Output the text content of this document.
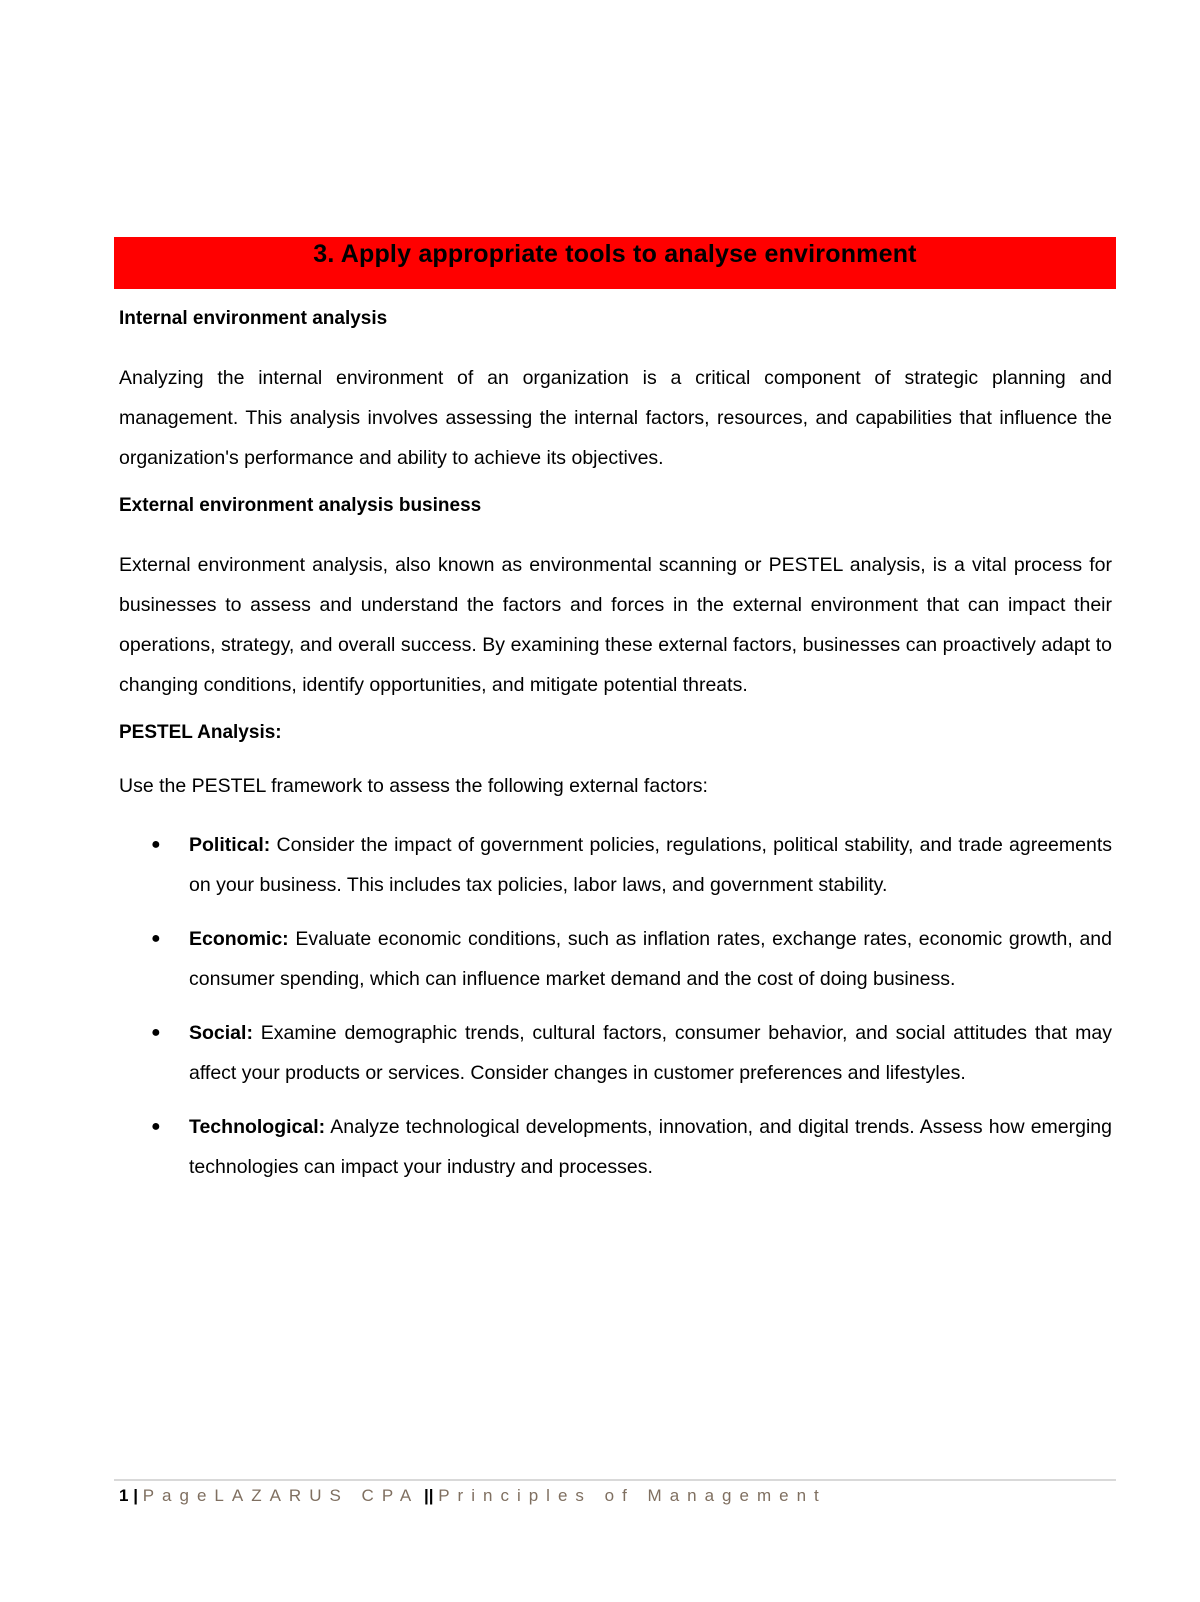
3. Apply appropriate tools to analyse environment

Internal environment analysis

Analyzing the internal environment of an organization is a critical component of strategic planning and management. This analysis involves assessing the internal factors, resources, and capabilities that influence the organization's performance and ability to achieve its objectives.

External environment analysis business

External environment analysis, also known as environmental scanning or PESTEL analysis, is a vital process for businesses to assess and understand the factors and forces in the external environment that can impact their operations, strategy, and overall success. By examining these external factors, businesses can proactively adapt to changing conditions, identify opportunities, and mitigate potential threats.

PESTEL Analysis:

Use the PESTEL framework to assess the following external factors:

● Political: Consider the impact of government policies, regulations, political stability, and trade agreements on your business. This includes tax policies, labor laws, and government stability.
● Economic: Evaluate economic conditions, such as inflation rates, exchange rates, economic growth, and consumer spending, which can influence market demand and the cost of doing business.
● Social: Examine demographic trends, cultural factors, consumer behavior, and social attitudes that may affect your products or services. Consider changes in customer preferences and lifestyles.
● Technological: Analyze technological developments, innovation, and digital trends. Assess how emerging technologies can impact your industry and processes.
1 | PageLAZARUS CPA || Principles of Management
